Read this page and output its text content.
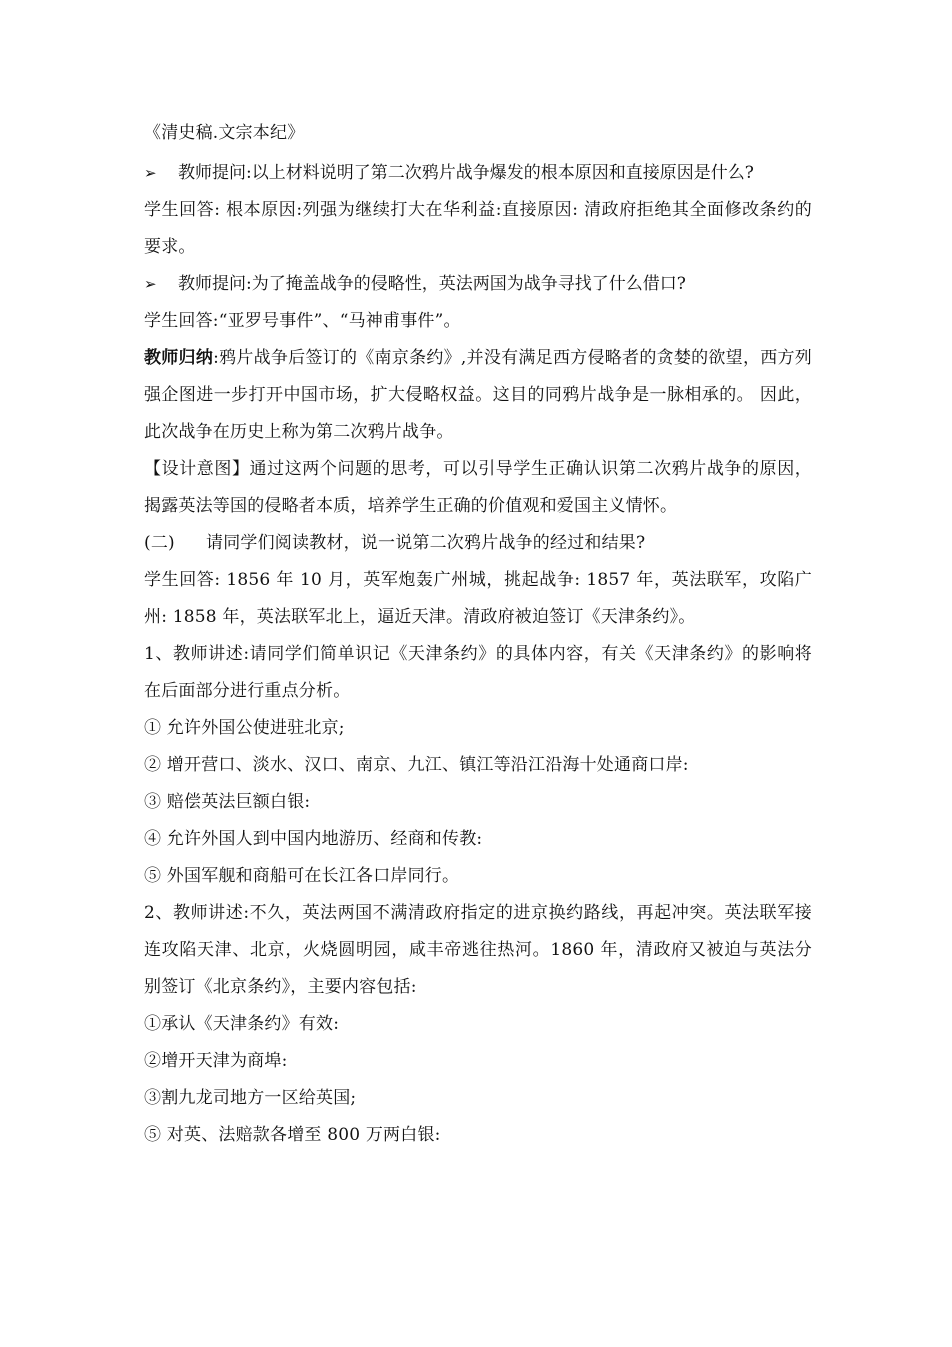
《清史稿.文宗本纪》
➢	教师提问:以上材料说明了第二次鸦片战争爆发的根本原因和直接原因是什么?
学生回答: 根本原因:列强为继续打大在华利益:直接原因: 清政府拒绝其全面修改条约的要求。
➢	教师提问:为了掩盖战争的侵略性，英法两国为战争寻找了什么借口?
学生回答:“亚罗号事件”、“马神甫事件”。
教师归纳:鸦片战争后签订的《南京条约》,并没有满足西方侵略者的贪婪的欲望，西方列强企图进一步打开中国市场，扩大侵略权益。这目的同鸦片战争是一脉相承的。 因此，此次战争在历史上称为第二次鸦片战争。
【设计意图】通过这两个问题的思考，可以引导学生正确认识第二次鸦片战争的原因，揭露英法等国的侵略者本质，培养学生正确的价值观和爱国主义情怀。
(二) 请同学们阅读教材，说一说第二次鸦片战争的经过和结果?
学生回答: 1856 年 10 月，英军炮轰广州城，挑起战争: 1857 年，英法联军，攻陷广州: 1858 年，英法联军北上，逼近天津。清政府被迫签订《天津条约》。
1、教师讲述:请同学们简单识记《天津条约》的具体内容，有关《天津条约》的影响将在后面部分进行重点分析。
① 允许外国公使进驻北京;
② 增开营口、淡水、汉口、南京、九江、镇江等沿江沿海十处通商口岸:
③ 赔偿英法巨额白银:
④ 允许外国人到中国内地游历、经商和传教:
⑤ 外国军舰和商船可在长江各口岸同行。
2、教师讲述:不久，英法两国不满清政府指定的进京换约路线，再起冲突。英法联军接连攻陷天津、北京，火烧圆明园，咸丰帝逃往热河。1860 年，清政府又被迫与英法分别签订《北京条约》，主要内容包括:
①承认《天津条约》有效:
②增开天津为商埠:
③割九龙司地方一区给英国;
⑤ 对英、法赔款各增至 800 万两白银:
